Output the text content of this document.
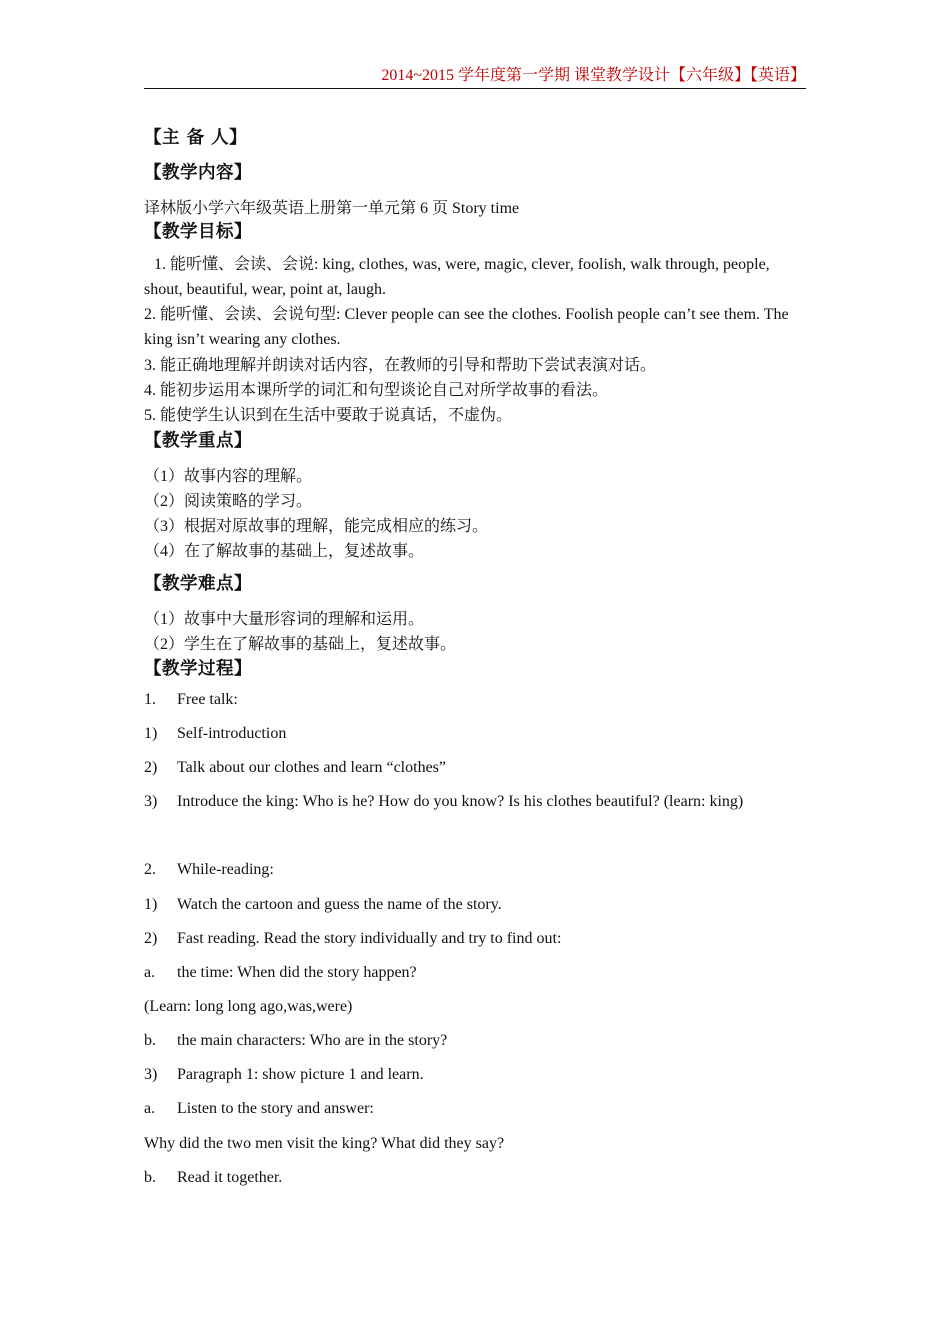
2014~2015 学年度第一学期 课堂教学设计【六年级】【英语】
【主 备 人】
【教学内容】
译林版小学六年级英语上册第一单元第 6 页 Story time
【教学目标】
1. 能听懂、会读、会说: king, clothes, was, were, magic, clever, foolish, walk through, people, shout, beautiful, wear, point at, laugh.
2. 能听懂、会读、会说句型: Clever people can see the clothes. Foolish people can’t see them. The king isn’t wearing any clothes.
3. 能正确地理解并朗读对话内容，在教师的引导和帮助下尝试表演对话。
4. 能初步运用本课所学的词汇和句型谈论自己对所学故事的看法。
5. 能使学生认识到在生活中要敢于说真话，不虚伪。
【教学重点】
（1）故事内容的理解。
（2）阅读策略的学习。
（3）根据对原故事的理解，能完成相应的练习。
（4）在了解故事的基础上，复述故事。
【教学难点】
（1）故事中大量形容词的理解和运用。
（2）学生在了解故事的基础上，复述故事。
【教学过程】
1. Free talk:
1) Self-introduction
2) Talk about our clothes and learn “clothes”
3) Introduce the king: Who is he? How do you know? Is his clothes beautiful? (learn: king)
2. While-reading:
1) Watch the cartoon and guess the name of the story.
2) Fast reading. Read the story individually and try to find out:
a. the time: When did the story happen?
(Learn: long long ago,was,were)
b. the main characters: Who are in the story?
3) Paragraph 1: show picture 1 and learn.
a. Listen to the story and answer:
Why did the two men visit the king? What did they say?
b. Read it together.
